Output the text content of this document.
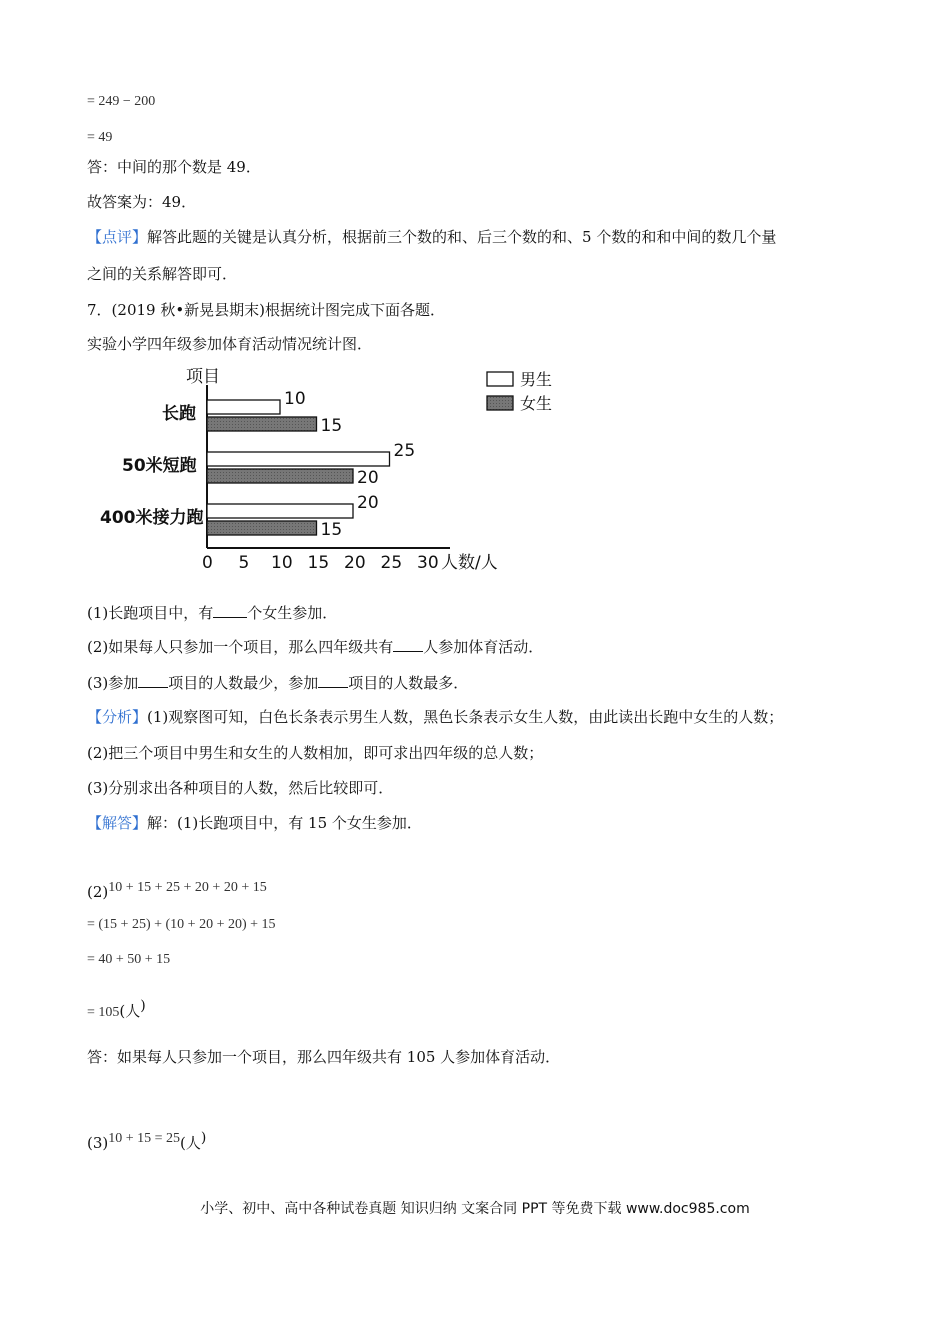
= 249 − 200
= 49
答：中间的那个数是 49．
故答案为：49．
【点评】解答此题的关键是认真分析，根据前三个数的和、后三个数的和、5 个数的和和中间的数几个量
之间的关系解答即可．
7．(2019 秋•新晃县期末)根据统计图完成下面各题．
实验小学四年级参加体育活动情况统计图．
项目
0 5 10 15 20 25 30 人数/人
长跑
10
15
50米短跑
25
20
400米接力跑
20
15
男生
女生
(1)长跑项目中，有 个女生参加．
(2)如果每人只参加一个项目，那么四年级共有 人参加体育活动．
(3)参加 项目的人数最少，参加 项目的人数最多．
【分析】(1)观察图可知，白色长条表示男生人数，黑色长条表示女生人数，由此读出长跑中女生的人数；
(2)把三个项目中男生和女生的人数相加，即可求出四年级的总人数；
(3)分别求出各种项目的人数，然后比较即可．
【解答】解：(1)长跑项目中，有 15 个女生参加．
(2)10 + 15 + 25 + 20 + 20 + 15
= (15 + 25) + (10 + 20 + 20) + 15
= 40 + 50 + 15
= 105(人)
答：如果每人只参加一个项目，那么四年级共有 105 人参加体育活动．
(3)10 + 15 = 25(人)
小学、初中、高中各种试卷真题 知识归纳 文案合同 PPT 等免费下载 www.doc985.com
